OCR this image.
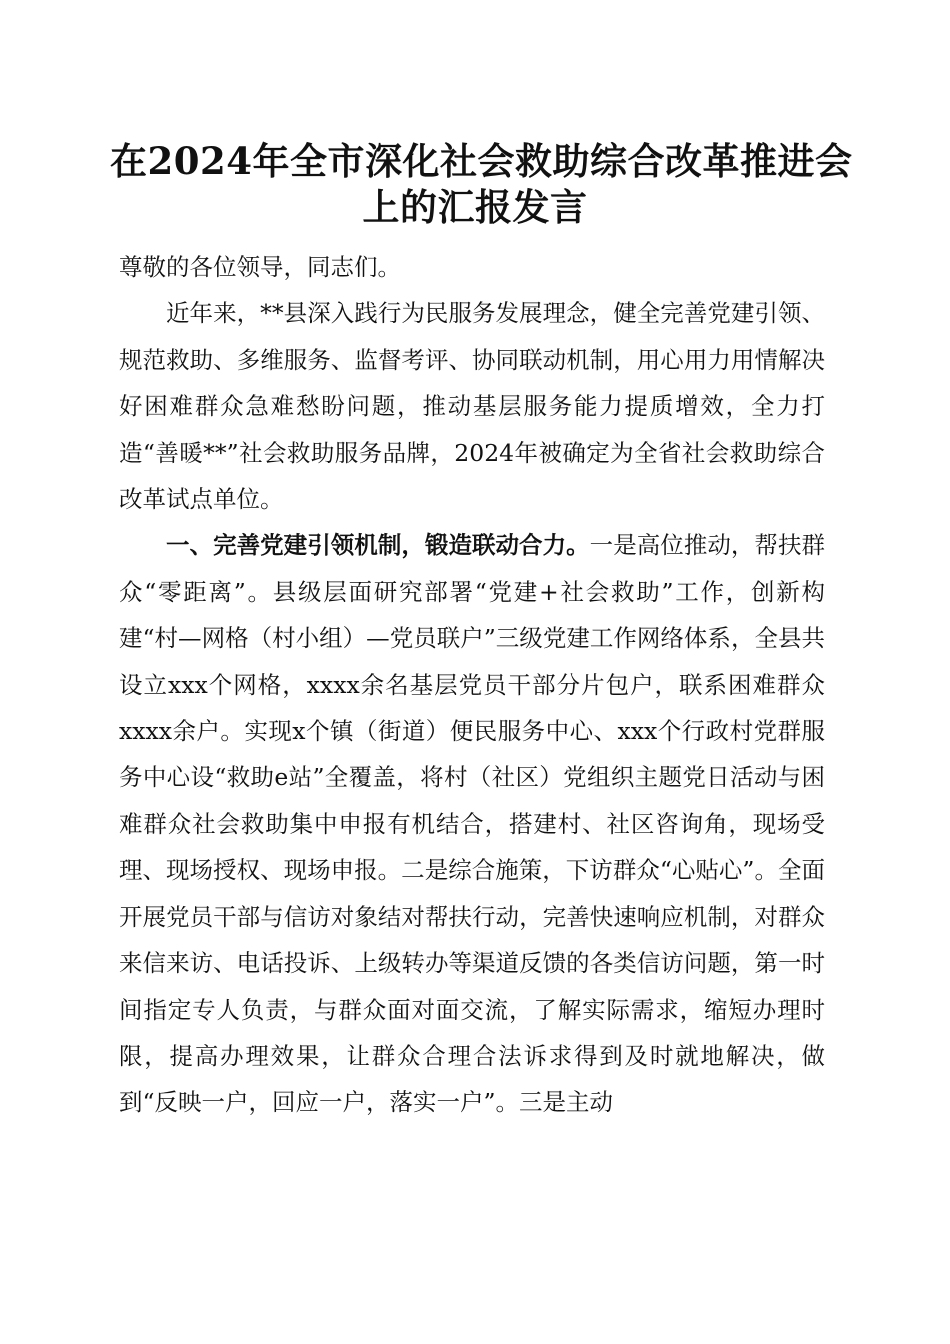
在2024年全市深化社会救助综合改革推进会
上的汇报发言

尊敬的各位领导，同志们。

近年来，**县深入践行为民服务发展理念，健全完善党建引领、规范救助、多维服务、监督考评、协同联动机制，用心用力用情解决好困难群众急难愁盼问题，推动基层服务能力提质增效，全力打造“善暖**”社会救助服务品牌，2024年被确定为全省社会救助综合改革试点单位。

一、完善党建引领机制，锻造联动合力。一是高位推动，帮扶群众“零距离”。县级层面研究部署“党建+社会救助”工作，创新构建“村—网格（村小组）—党员联户”三级党建工作网络体系，全县共设立xxx个网格，xxxx余名基层党员干部分片包户，联系困难群众xxxx余户。实现x个镇（街道）便民服务中心、xxx个行政村党群服务中心设“救助e站”全覆盖，将村（社区）党组织主题党日活动与困难群众社会救助集中申报有机结合，搭建村、社区咨询角，现场受理、现场授权、现场申报。二是综合施策，下访群众“心贴心”。全面开展党员干部与信访对象结对帮扶行动，完善快速响应机制，对群众来信来访、电话投诉、上级转办等渠道反馈的各类信访问题，第一时间指定专人负责，与群众面对面交流，了解实际需求，缩短办理时限，提高办理效果，让群众合理合法诉求得到及时就地解决，做到“反映一户，回应一户，落实一户”。三是主动
